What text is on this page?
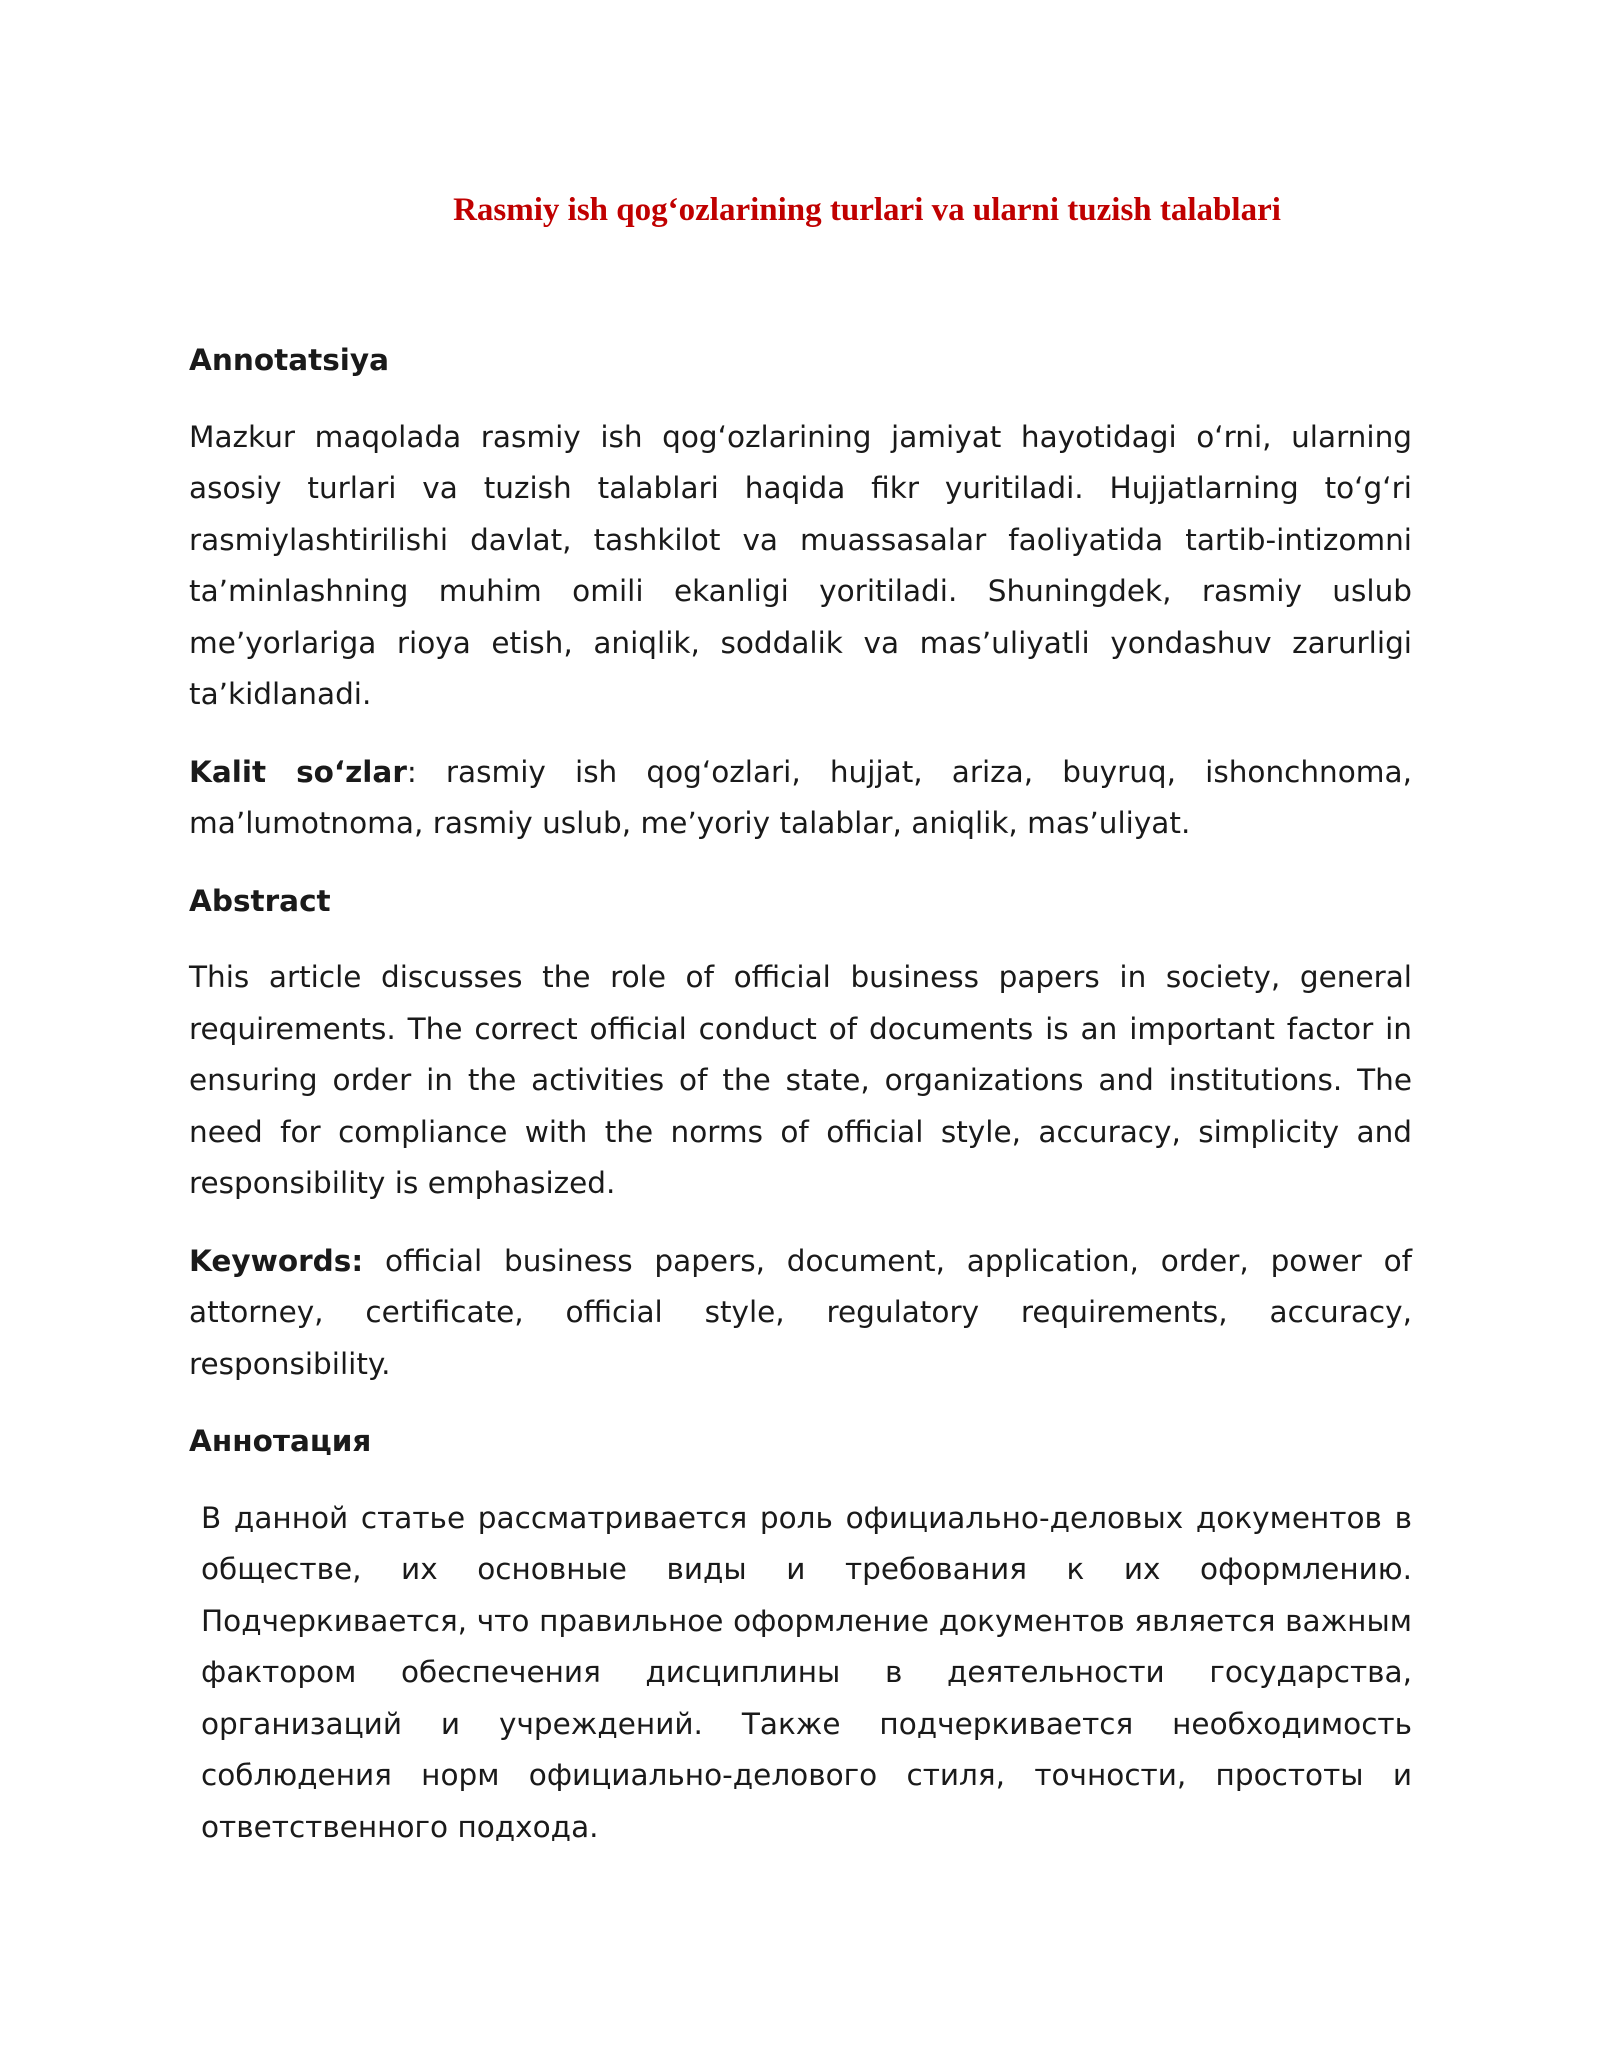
Rasmiy ish qogʻozlarining turlari va ularni tuzish talablari
Annotatsiya
Mazkur maqolada rasmiy ish qogʻozlarining jamiyat hayotidagi oʻrni, ularning asosiy turlari va tuzish talablari haqida fikr yuritiladi. Hujjatlarning toʻgʻri rasmiylashtirilishi davlat, tashkilot va muassasalar faoliyatida tartib-intizomni taʼminlashning muhim omili ekanligi yoritiladi. Shuningdek, rasmiy uslub meʼyorlariga rioya etish, aniqlik, soddalik va masʼuliyatli yondashuv zarurligi taʼkidlanadi.
Kalit soʻzlar: rasmiy ish qogʻozlari, hujjat, ariza, buyruq, ishonchnoma, maʼlumotnoma, rasmiy uslub, meʼyoriy talablar, aniqlik, masʼuliyat.
Abstract
This article discusses the role of official business papers in society, general requirements. The correct official conduct of documents is an important factor in ensuring order in the activities of the state, organizations and institutions. The need for compliance with the norms of official style, accuracy, simplicity and responsibility is emphasized.
Keywords: official business papers, document, application, order, power of attorney, certificate, official style, regulatory requirements, accuracy, responsibility.
Аннотация
В данной статье рассматривается роль официально-деловых документов в обществе, их основные виды и требования к их оформлению. Подчеркивается, что правильное оформление документов является важным фактором обеспечения дисциплины в деятельности государства, организаций и учреждений. Также подчеркивается необходимость соблюдения норм официально-делового стиля, точности, простоты и ответственного подхода.
